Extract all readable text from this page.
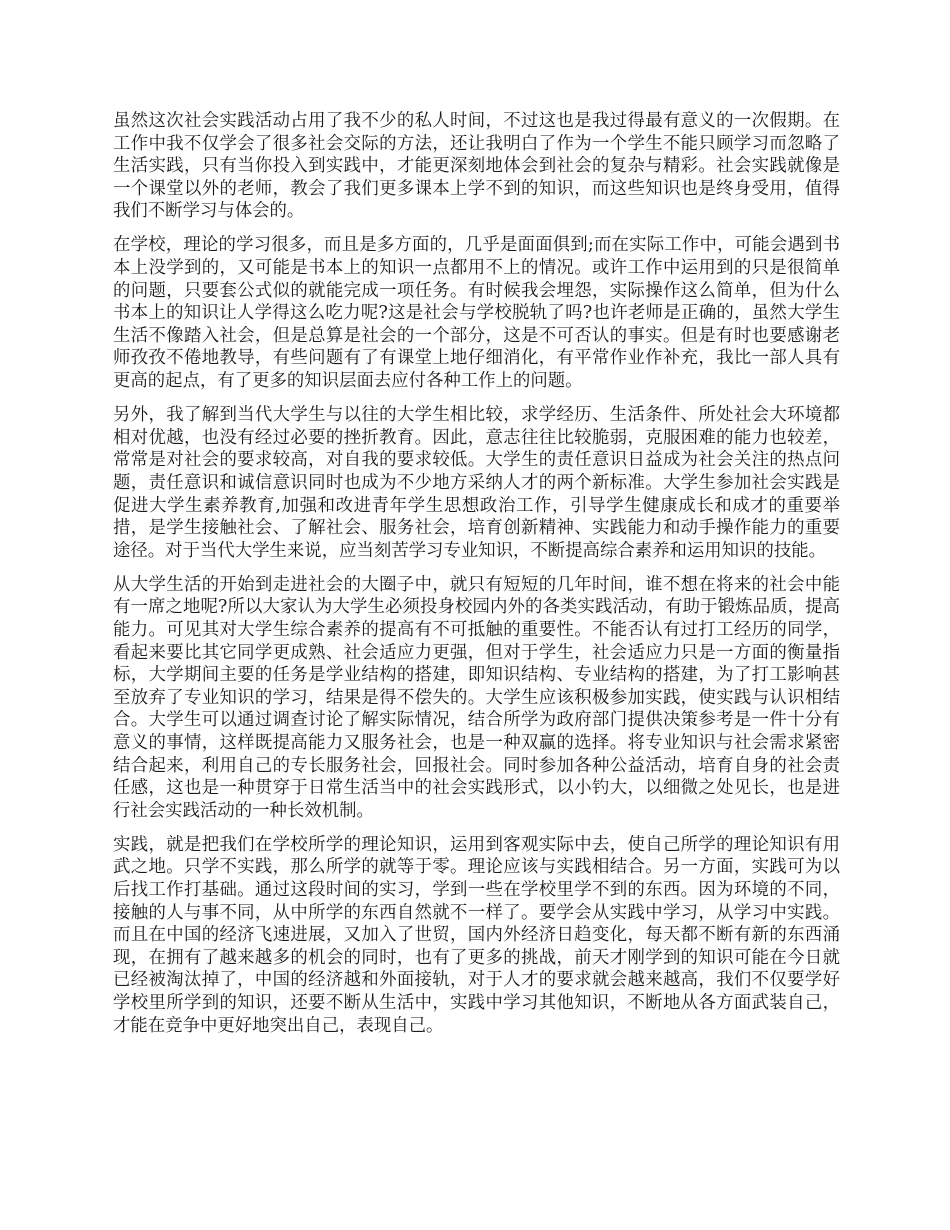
虽然这次社会实践活动占用了我不少的私人时间，不过这也是我过得最有意义的一次假期。在工作中我不仅学会了很多社会交际的方法，还让我明白了作为一个学生不能只顾学习而忽略了生活实践，只有当你投入到实践中，才能更深刻地体会到社会的复杂与精彩。社会实践就像是一个课堂以外的老师，教会了我们更多课本上学不到的知识，而这些知识也是终身受用，值得我们不断学习与体会的。

在学校，理论的学习很多，而且是多方面的，几乎是面面俱到;而在实际工作中，可能会遇到书本上没学到的，又可能是书本上的知识一点都用不上的情况。或许工作中运用到的只是很简单的问题，只要套公式似的就能完成一项任务。有时候我会埋怨，实际操作这么简单，但为什么书本上的知识让人学得这么吃力呢?这是社会与学校脱轨了吗?也许老师是正确的，虽然大学生生活不像踏入社会，但是总算是社会的一个部分，这是不可否认的事实。但是有时也要感谢老师孜孜不倦地教导，有些问题有了有课堂上地仔细消化，有平常作业作补充，我比一部人具有更高的起点，有了更多的知识层面去应付各种工作上的问题。

另外，我了解到当代大学生与以往的大学生相比较，求学经历、生活条件、所处社会大环境都相对优越，也没有经过必要的挫折教育。因此，意志往往比较脆弱，克服困难的能力也较差，常常是对社会的要求较高，对自我的要求较低。大学生的责任意识日益成为社会关注的热点问题，责任意识和诚信意识同时也成为不少地方采纳人才的两个新标准。大学生参加社会实践是促进大学生素养教育,加强和改进青年学生思想政治工作，引导学生健康成长和成才的重要举措，是学生接触社会、了解社会、服务社会，培育创新精神、实践能力和动手操作能力的重要途径。对于当代大学生来说，应当刻苦学习专业知识，不断提高综合素养和运用知识的技能。

从大学生活的开始到走进社会的大圈子中，就只有短短的几年时间，谁不想在将来的社会中能有一席之地呢?所以大家认为大学生必须投身校园内外的各类实践活动，有助于锻炼品质，提高能力。可见其对大学生综合素养的提高有不可抵触的重要性。不能否认有过打工经历的同学，看起来要比其它同学更成熟、社会适应力更强，但对于学生，社会适应力只是一方面的衡量指标，大学期间主要的任务是学业结构的搭建，即知识结构、专业结构的搭建，为了打工影响甚至放弃了专业知识的学习，结果是得不偿失的。大学生应该积极参加实践，使实践与认识相结合。大学生可以通过调查讨论了解实际情况，结合所学为政府部门提供决策参考是一件十分有意义的事情，这样既提高能力又服务社会，也是一种双赢的选择。将专业知识与社会需求紧密结合起来，利用自己的专长服务社会，回报社会。同时参加各种公益活动，培育自身的社会责任感，这也是一种贯穿于日常生活当中的社会实践形式，以小钓大，以细微之处见长，也是进行社会实践活动的一种长效机制。

实践，就是把我们在学校所学的理论知识，运用到客观实际中去，使自己所学的理论知识有用武之地。只学不实践，那么所学的就等于零。理论应该与实践相结合。另一方面，实践可为以后找工作打基础。通过这段时间的实习，学到一些在学校里学不到的东西。因为环境的不同，接触的人与事不同，从中所学的东西自然就不一样了。要学会从实践中学习，从学习中实践。而且在中国的经济飞速进展，又加入了世贸，国内外经济日趋变化，每天都不断有新的东西涌现，在拥有了越来越多的机会的同时，也有了更多的挑战，前天才刚学到的知识可能在今日就已经被淘汰掉了，中国的经济越和外面接轨，对于人才的要求就会越来越高，我们不仅要学好学校里所学到的知识，还要不断从生活中，实践中学习其他知识，不断地从各方面武装自己，才能在竞争中更好地突出自己，表现自己。
